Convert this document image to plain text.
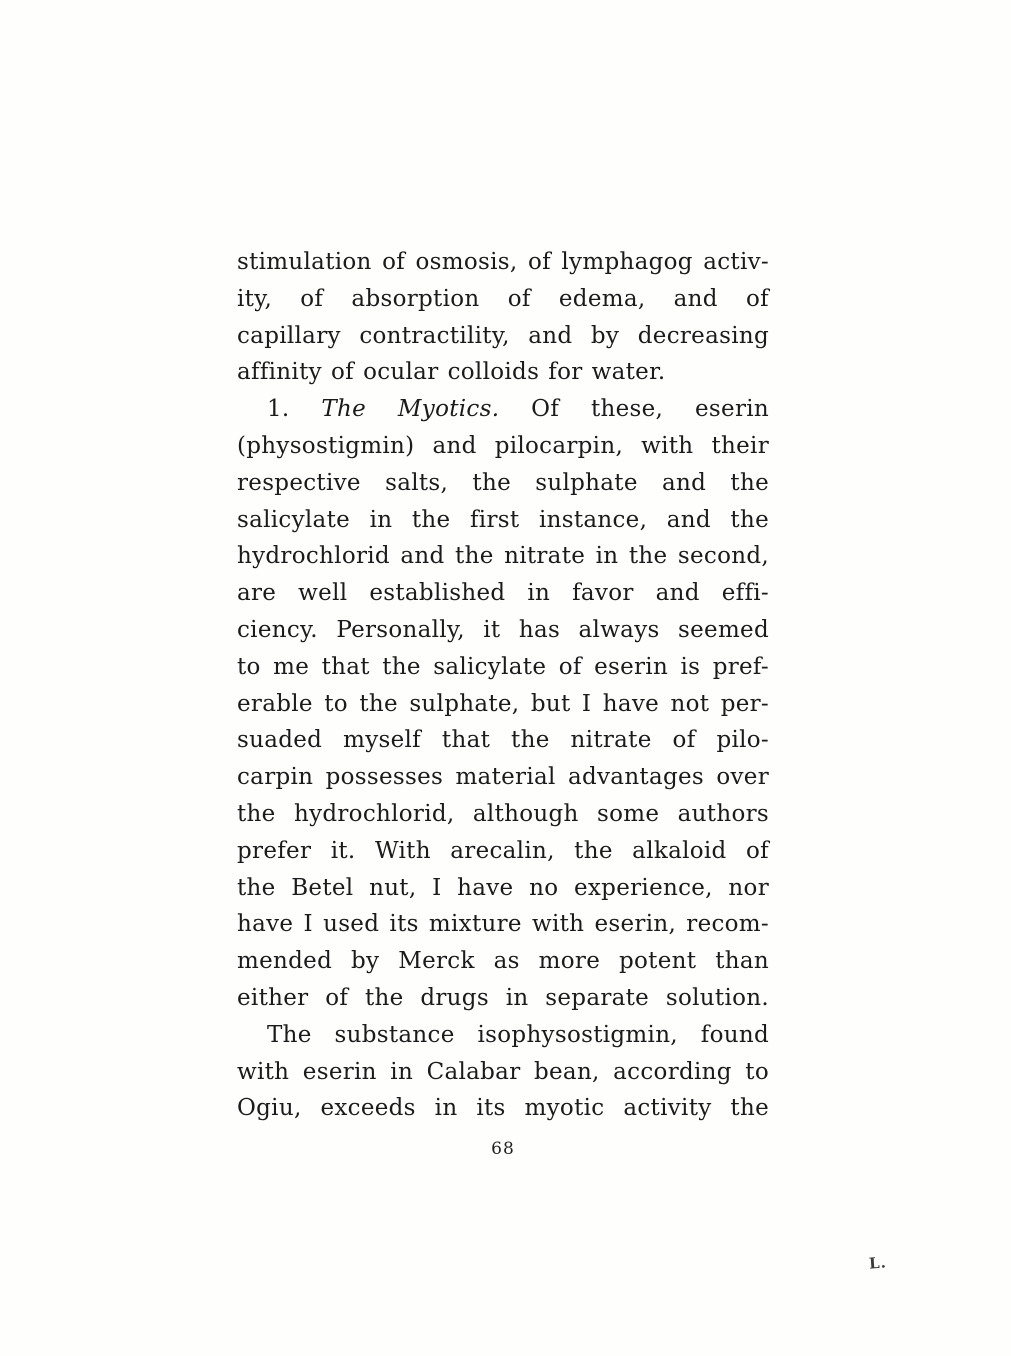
stimulation of osmosis, of lymphagog activ-
ity, of absorption of edema, and of
capillary contractility, and by decreasing
affinity of ocular colloids for water.
1. The Myotics. Of these, eserin
(physostigmin) and pilocarpin, with their
respective salts, the sulphate and the
salicylate in the first instance, and the
hydrochlorid and the nitrate in the second,
are well established in favor and effi-
ciency. Personally, it has always seemed
to me that the salicylate of eserin is pref-
erable to the sulphate, but I have not per-
suaded myself that the nitrate of pilo-
carpin possesses material advantages over
the hydrochlorid, although some authors
prefer it. With arecalin, the alkaloid of
the Betel nut, I have no experience, nor
have I used its mixture with eserin, recom-
mended by Merck as more potent than
either of the drugs in separate solution.
The substance isophysostigmin, found
with eserin in Calabar bean, according to
Ogiu, exceeds in its myotic activity the
68
L.
